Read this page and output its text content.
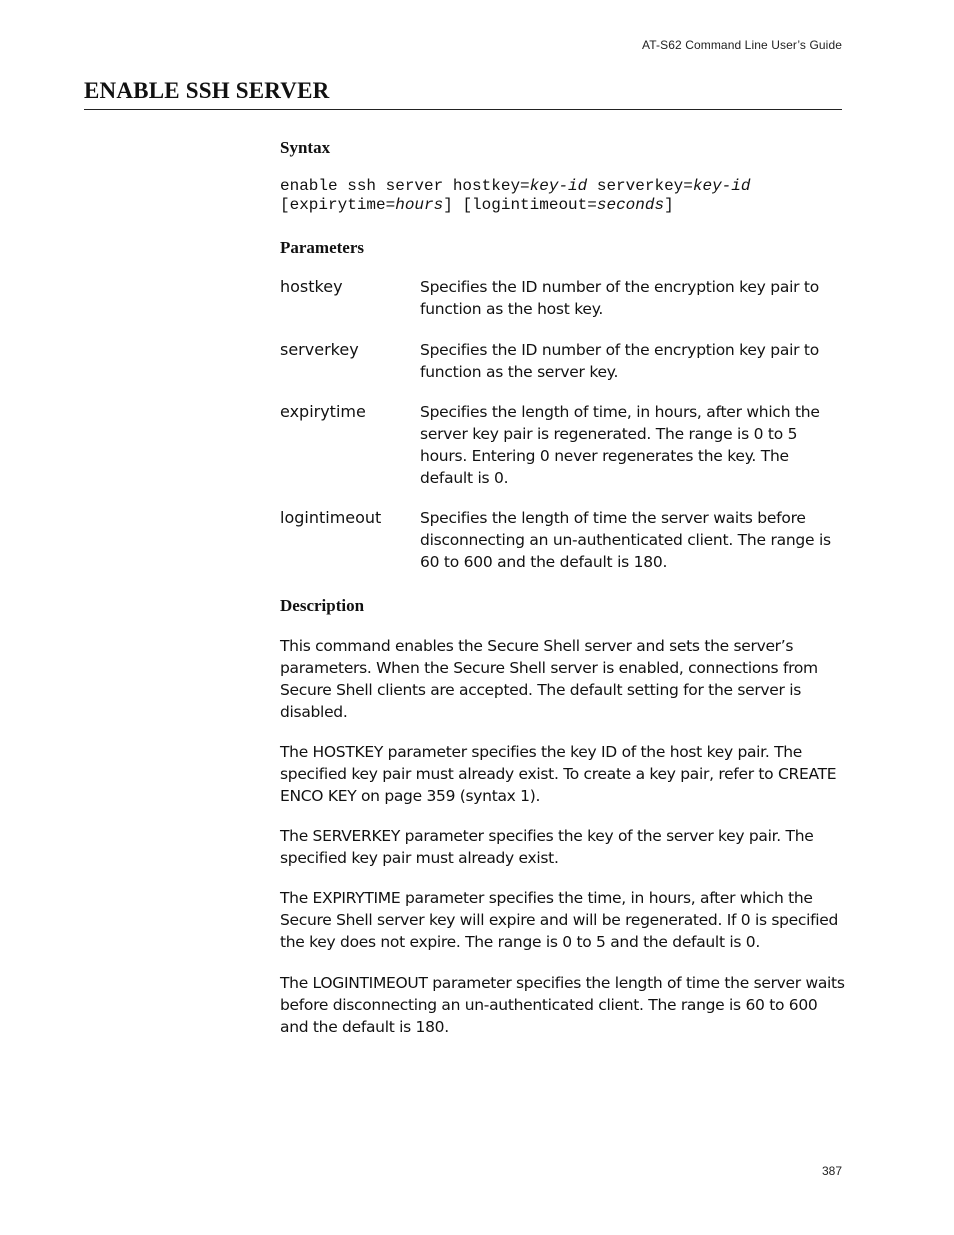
AT-S62 Command Line User’s Guide
ENABLE SSH SERVER
Syntax
enable ssh server hostkey=key-id serverkey=key-id
[expirytime=hours] [logintimeout=seconds]
Parameters
hostkey	Specifies the ID number of the encryption key pair to function as the host key.

serverkey	Specifies the ID number of the encryption key pair to function as the server key.

expirytime	Specifies the length of time, in hours, after which the server key pair is regenerated. The range is 0 to 5 hours. Entering 0 never regenerates the key. The default is 0.

logintimeout Specifies the length of time the server waits before disconnecting an un-authenticated client. The range is 60 to 600 and the default is 180.

Description

This command enables the Secure Shell server and sets the server’s parameters. When the Secure Shell server is enabled, connections from Secure Shell clients are accepted. The default setting for the server is disabled.

The HOSTKEY parameter specifies the key ID of the host key pair. The specified key pair must already exist. To create a key pair, refer to CREATE ENCO KEY on page 359 (syntax 1).

The SERVERKEY parameter specifies the key of the server key pair. The specified key pair must already exist.

The EXPIRYTIME parameter specifies the time, in hours, after which the Secure Shell server key will expire and will be regenerated. If 0 is specified the key does not expire. The range is 0 to 5 and the default is 0.

The LOGINTIMEOUT parameter specifies the length of time the server waits before disconnecting an un-authenticated client. The range is 60 to 600 and the default is 180.

387
